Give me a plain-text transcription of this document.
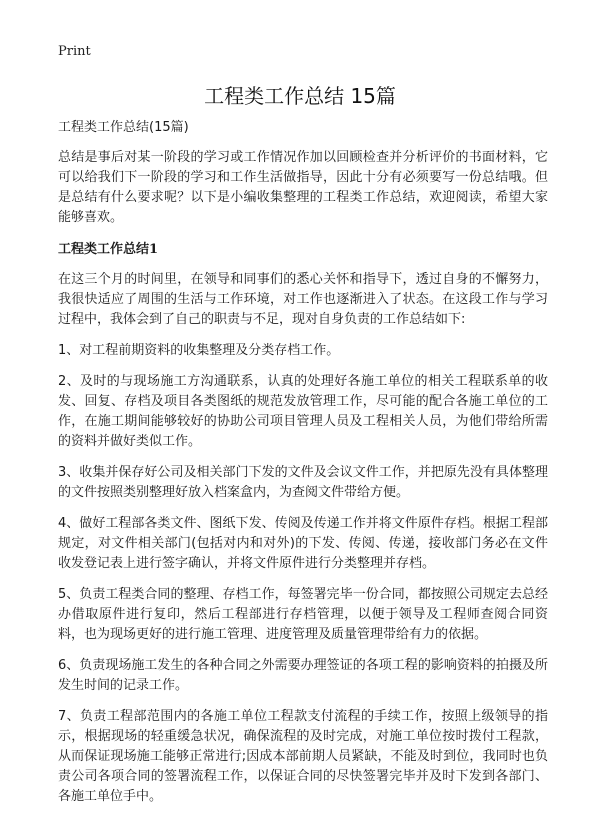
Print
工程类工作总结 15篇

工程类工作总结(15篇)

总结是事后对某一阶段的学习或工作情况作加以回顾检查并分析评价的书面材料，它可以给我们下一阶段的学习和工作生活做指导，因此十分有必须要写一份总结哦。但是总结有什么要求呢？以下是小编收集整理的工程类工作总结，欢迎阅读，希望大家能够喜欢。

工程类工作总结1

在这三个月的时间里，在领导和同事们的悉心关怀和指导下，透过自身的不懈努力，我很快适应了周围的生活与工作环境，对工作也逐渐进入了状态。在这段工作与学习过程中，我体会到了自己的职责与不足，现对自身负责的工作总结如下:

1、对工程前期资料的收集整理及分类存档工作。

2、及时的与现场施工方沟通联系，认真的处理好各施工单位的相关工程联系单的收发、回复、存档及项目各类图纸的规范发放管理工作，尽可能的配合各施工单位的工作，在施工期间能够较好的协助公司项目管理人员及工程相关人员，为他们带给所需的资料并做好类似工作。

3、收集并保存好公司及相关部门下发的文件及会议文件工作，并把原先没有具体整理的文件按照类别整理好放入档案盒内，为查阅文件带给方便。

4、做好工程部各类文件、图纸下发、传阅及传递工作并将文件原件存档。根据工程部规定，对文件相关部门(包括对内和对外)的下发、传阅、传递，接收部门务必在文件收发登记表上进行签字确认，并将文件原件进行分类整理并存档。

5、负责工程类合同的整理、存档工作，每签署完毕一份合同，都按照公司规定去总经办借取原件进行复印，然后工程部进行存档管理，以便于领导及工程师查阅合同资料，也为现场更好的进行施工管理、进度管理及质量管理带给有力的依据。

6、负责现场施工发生的各种合同之外需要办理签证的各项工程的影响资料的拍摄及所发生时间的记录工作。

7、负责工程部范围内的各施工单位工程款支付流程的手续工作，按照上级领导的指示，根据现场的轻重缓急状况，确保流程的及时完成，对施工单位按时拨付工程款，从而保证现场施工能够正常进行;因成本部前期人员紧缺，不能及时到位，我同时也负责公司各项合同的签署流程工作，以保证合同的尽快签署完毕并及时下发到各部门、各施工单位手中。
